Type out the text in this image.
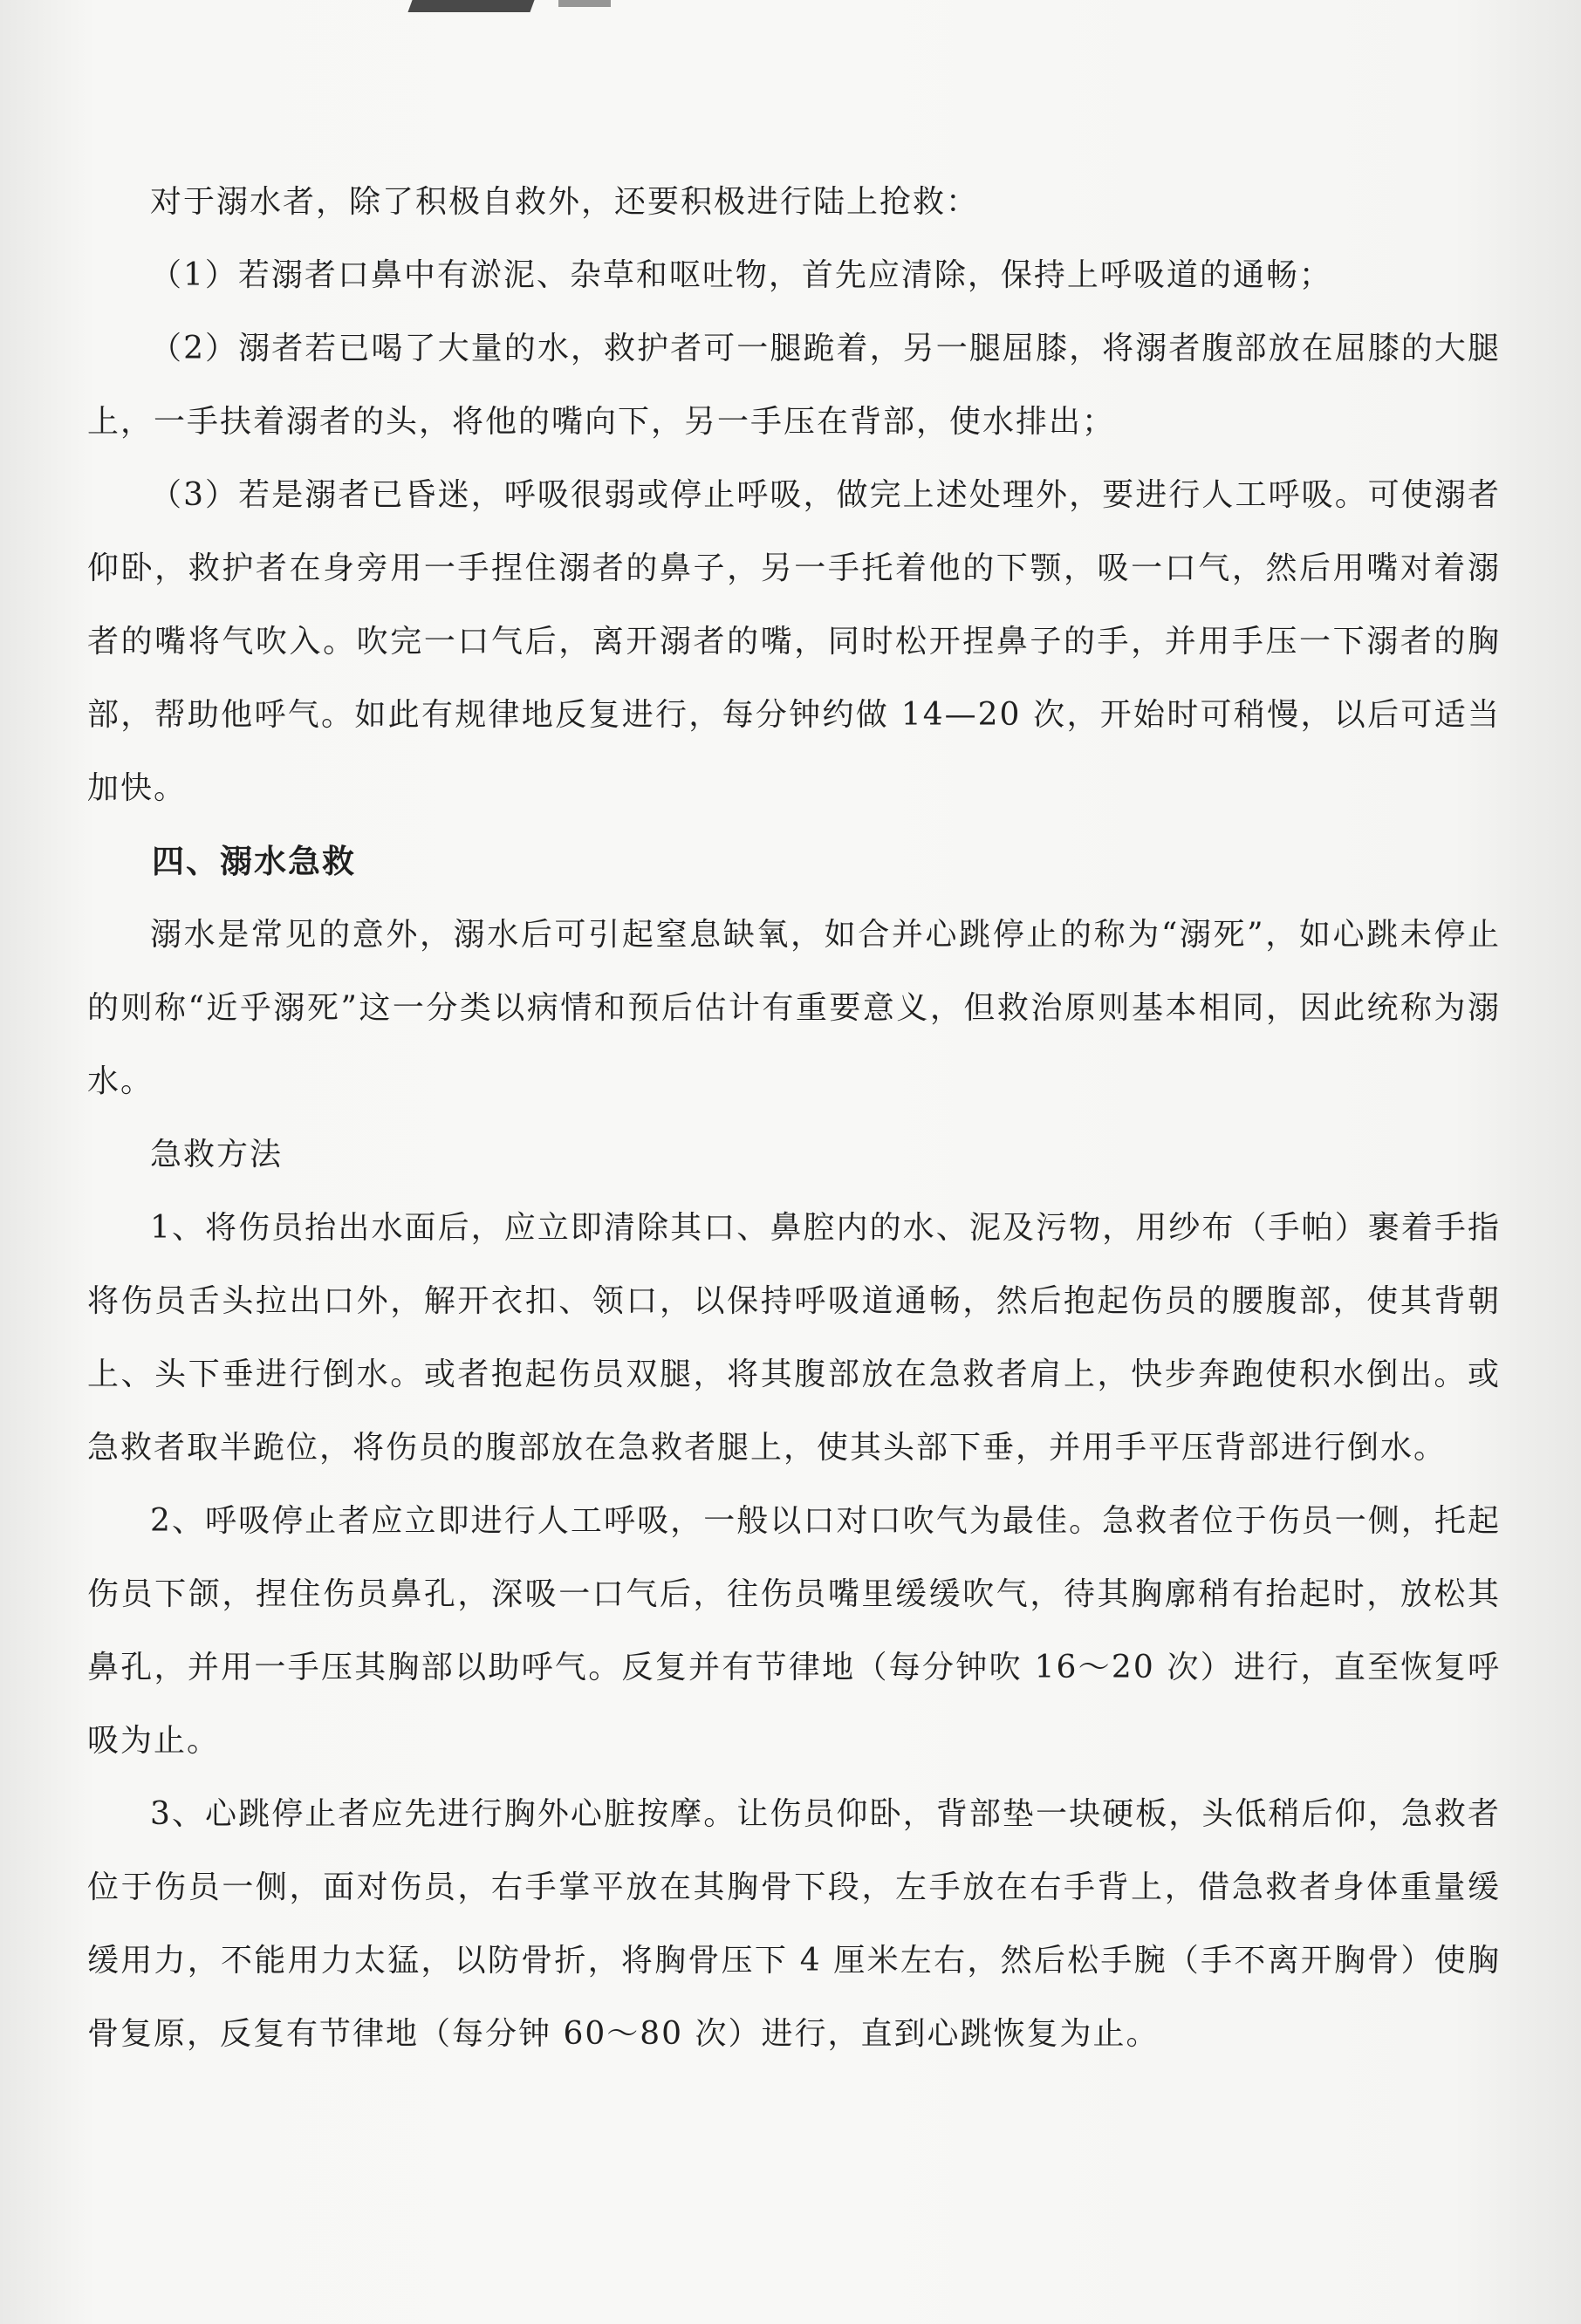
对于溺水者，除了积极自救外，还要积极进行陆上抢救：

（1）若溺者口鼻中有淤泥、杂草和呕吐物，首先应清除，保持上呼吸道的通畅；

（2）溺者若已喝了大量的水，救护者可一腿跪着，另一腿屈膝，将溺者腹部放在屈膝的大腿上，一手扶着溺者的头，将他的嘴向下，另一手压在背部，使水排出；

（3）若是溺者已昏迷，呼吸很弱或停止呼吸，做完上述处理外，要进行人工呼吸。可使溺者仰卧，救护者在身旁用一手捏住溺者的鼻子，另一手托着他的下颚，吸一口气，然后用嘴对着溺者的嘴将气吹入。吹完一口气后，离开溺者的嘴，同时松开捏鼻子的手，并用手压一下溺者的胸部，帮助他呼气。如此有规律地反复进行，每分钟约做 14—20 次，开始时可稍慢，以后可适当加快。

四、溺水急救

溺水是常见的意外，溺水后可引起窒息缺氧，如合并心跳停止的称为“溺死”，如心跳未停止的则称“近乎溺死”这一分类以病情和预后估计有重要意义，但救治原则基本相同，因此统称为溺水。

急救方法

1、将伤员抬出水面后，应立即清除其口、鼻腔内的水、泥及污物，用纱布（手帕）裹着手指将伤员舌头拉出口外，解开衣扣、领口，以保持呼吸道通畅，然后抱起伤员的腰腹部，使其背朝上、头下垂进行倒水。或者抱起伤员双腿，将其腹部放在急救者肩上，快步奔跑使积水倒出。或急救者取半跪位，将伤员的腹部放在急救者腿上，使其头部下垂，并用手平压背部进行倒水。

2、呼吸停止者应立即进行人工呼吸，一般以口对口吹气为最佳。急救者位于伤员一侧，托起伤员下颌，捏住伤员鼻孔，深吸一口气后，往伤员嘴里缓缓吹气，待其胸廓稍有抬起时，放松其鼻孔，并用一手压其胸部以助呼气。反复并有节律地（每分钟吹 16～20 次）进行，直至恢复呼吸为止。

3、心跳停止者应先进行胸外心脏按摩。让伤员仰卧，背部垫一块硬板，头低稍后仰，急救者位于伤员一侧，面对伤员，右手掌平放在其胸骨下段，左手放在右手背上，借急救者身体重量缓缓用力，不能用力太猛，以防骨折，将胸骨压下 4 厘米左右，然后松手腕（手不离开胸骨）使胸骨复原，反复有节律地（每分钟 60～80 次）进行，直到心跳恢复为止。
